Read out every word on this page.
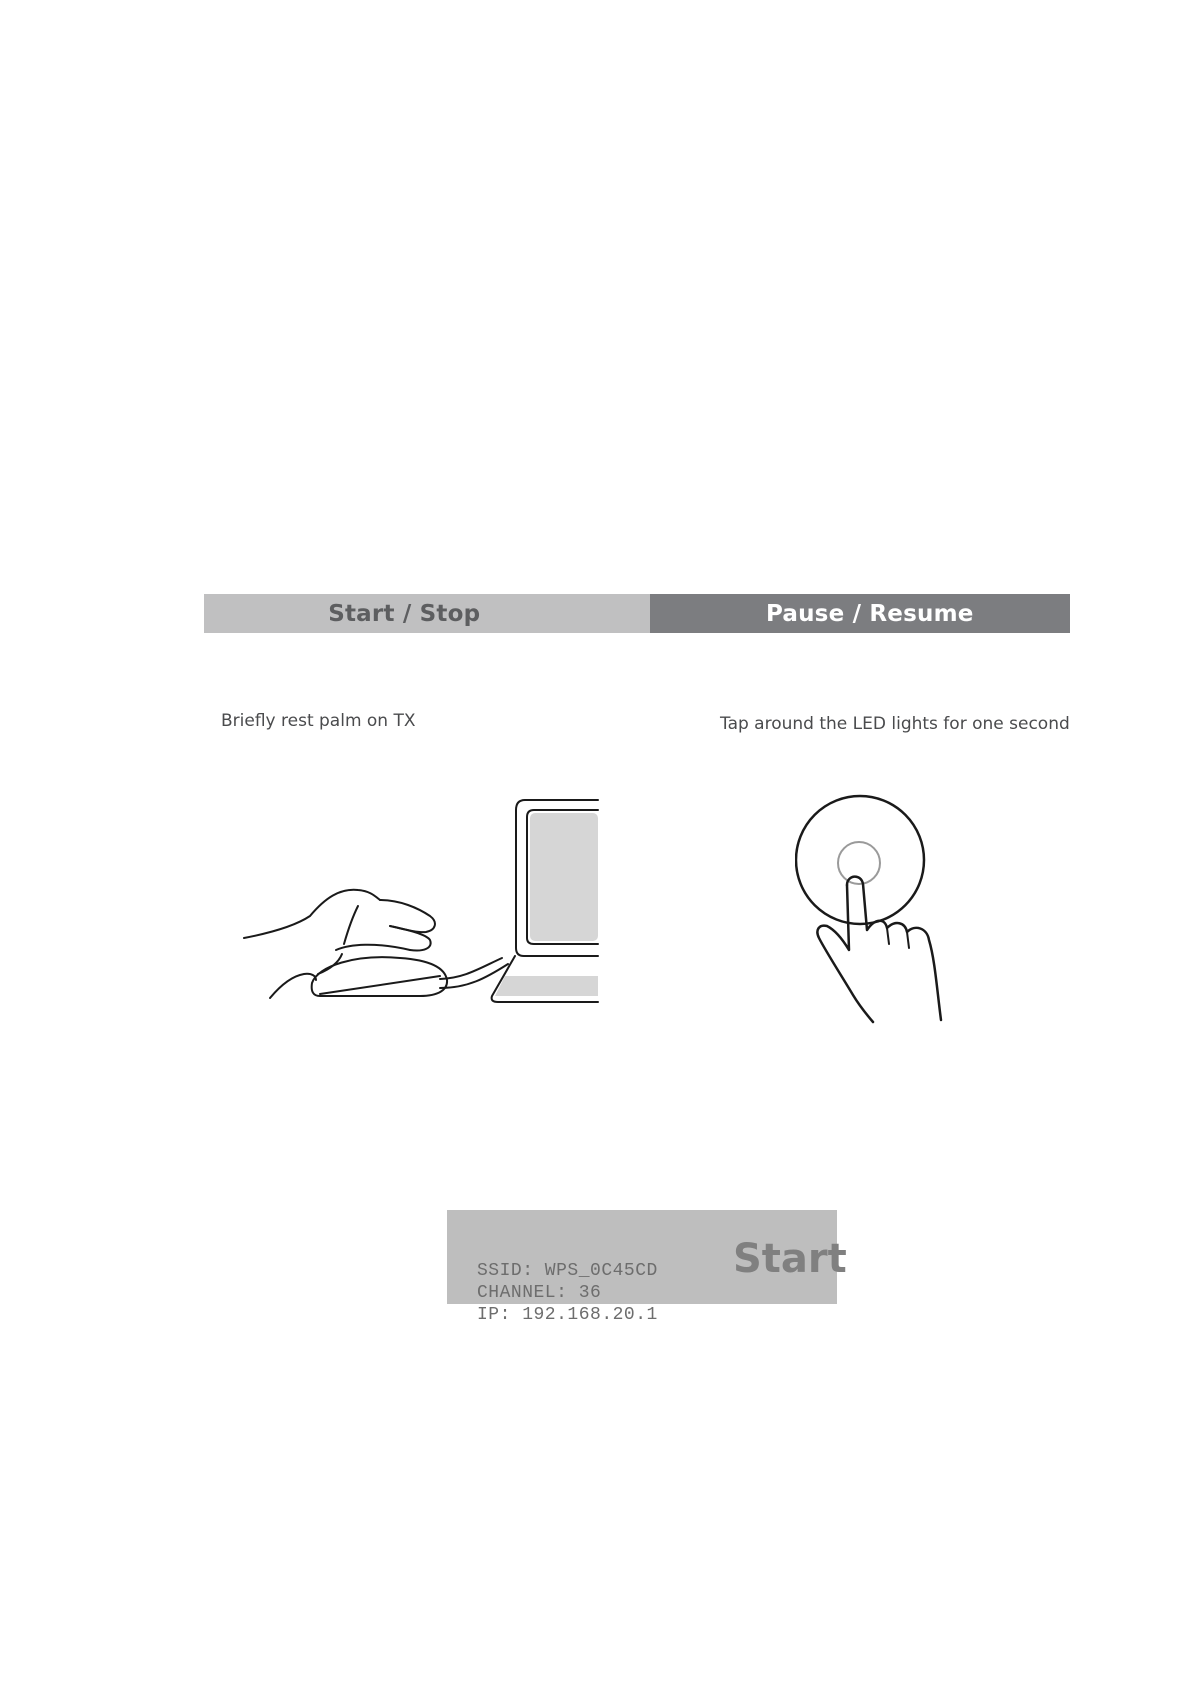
Start / Stop	Pause / Resume
Briefly rest palm on TX	Tap around the LED lights for one second
SSID: WPS_0C45CD
CHANNEL: 36
IP: 192.168.20.1
Start
